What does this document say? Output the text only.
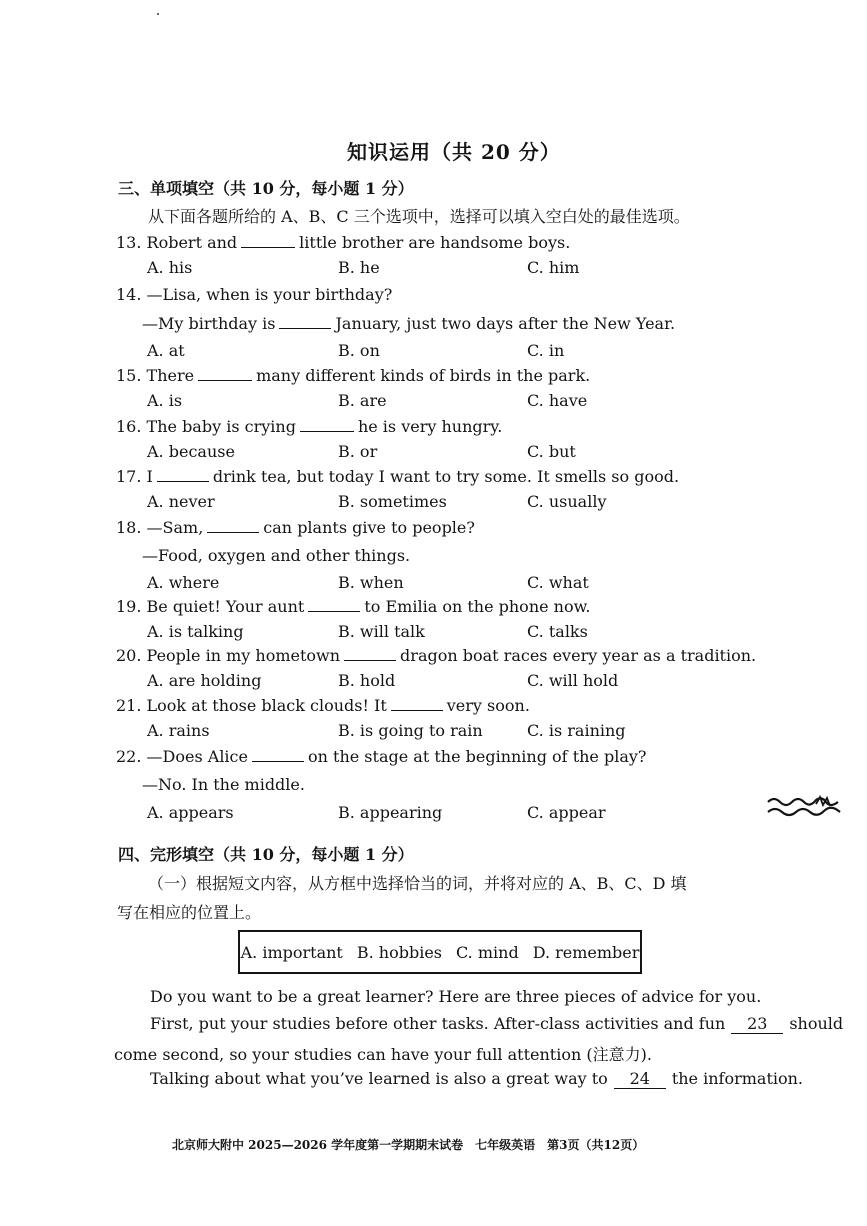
知识运用（共 20 分）
三、单项填空（共 10 分，每小题 1 分）
从下面各题所给的 A、B、C 三个选项中，选择可以填入空白处的最佳选项。
13. Robert and	little brother are handsome boys.
A. his	B. he	C. him
14. —Lisa, when is your birthday?
—My birthday is	January, just two days after the New Year.
A. at	B. on	C. in
15. There	many different kinds of birds in the park.
A. is	B. are	C. have
16. The baby is crying	he is very hungry.
A. because	B. or	C. but
17. I	drink tea, but today I want to try some. It smells so good.
A. never	B. sometimes	C. usually
18. —Sam,	can plants give to people?
—Food, oxygen and other things.
A. where	B. when	C. what
19. Be quiet! Your aunt	to Emilia on the phone now.
A. is talking	B. will talk	C. talks
20. People in my hometown	dragon boat races every year as a tradition.
A. are holding	B. hold	C. will hold
21. Look at those black clouds! It	very soon.
A. rains	B. is going to rain	C. is raining
22. —Does Alice	on the stage at the beginning of the play?
—No. In the middle.
A. appears	B. appearing	C. appear
四、完形填空（共 10 分，每小题 1 分）
（一）根据短文内容，从方框中选择恰当的词，并将对应的 A、B、C、D 填
写在相应的位置上。
A. important B. hobbies C. mind D. remember
Do you want to be a great learner? Here are three pieces of advice for you.
First, put your studies before other tasks. After-class activities and fun 23 should
come second, so your studies can have your full attention (注意力).
Talking about what you’ve learned is also a great way to 24 the information.
北京师大附中 2025—2026 学年度第一学期期末试卷　七年级英语　第3页（共12页）
